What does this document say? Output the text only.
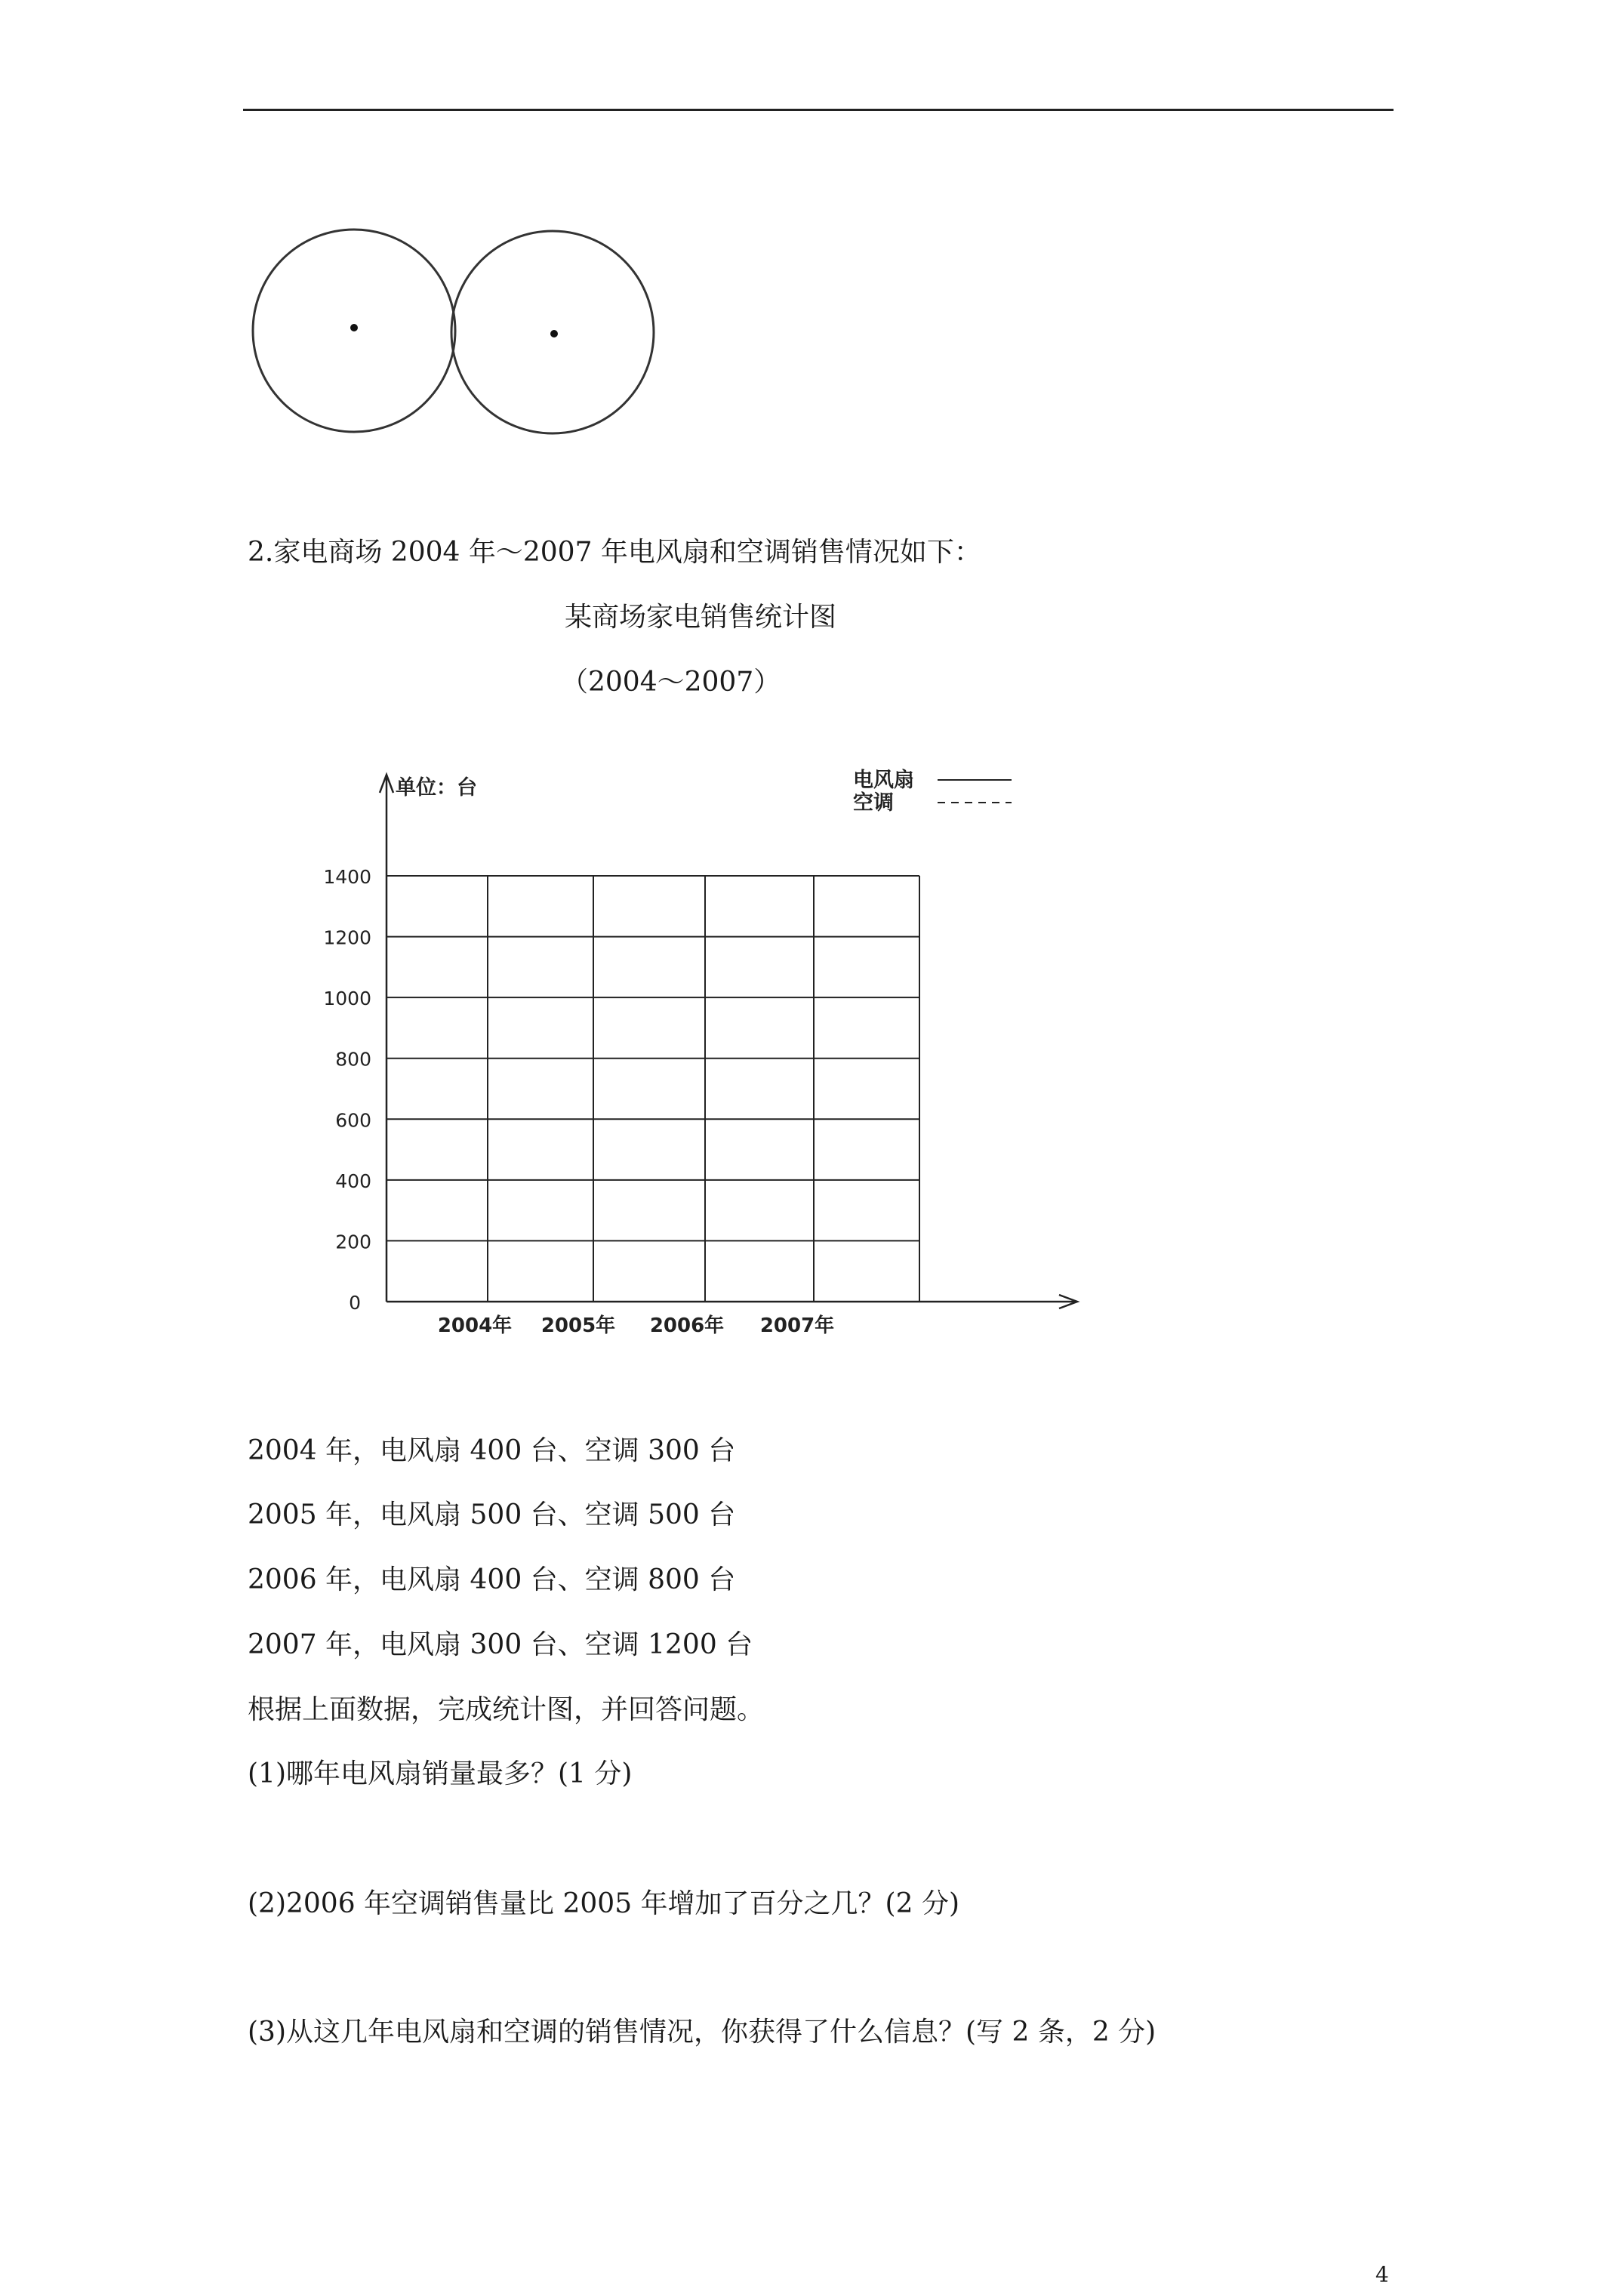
2.家电商场 2004 年～2007 年电风扇和空调销售情况如下：
某商场家电销售统计图
（2004～2007）
0
200
400
600
800
1000
1200
1400
2004年 2005年 2006年 2007年
单位：台	电风扇
空调
2004 年，电风扇 400 台、空调 300 台
2005 年，电风扇 500 台、空调 500 台
2006 年，电风扇 400 台、空调 800 台
2007 年，电风扇 300 台、空调 1200 台
根据上面数据，完成统计图，并回答问题。
(1)哪年电风扇销量最多？(1 分)
(2)2006 年空调销售量比 2005 年增加了百分之几？(2 分)
(3)从这几年电风扇和空调的销售情况，你获得了什么信息？(写 2 条，2 分)
4
